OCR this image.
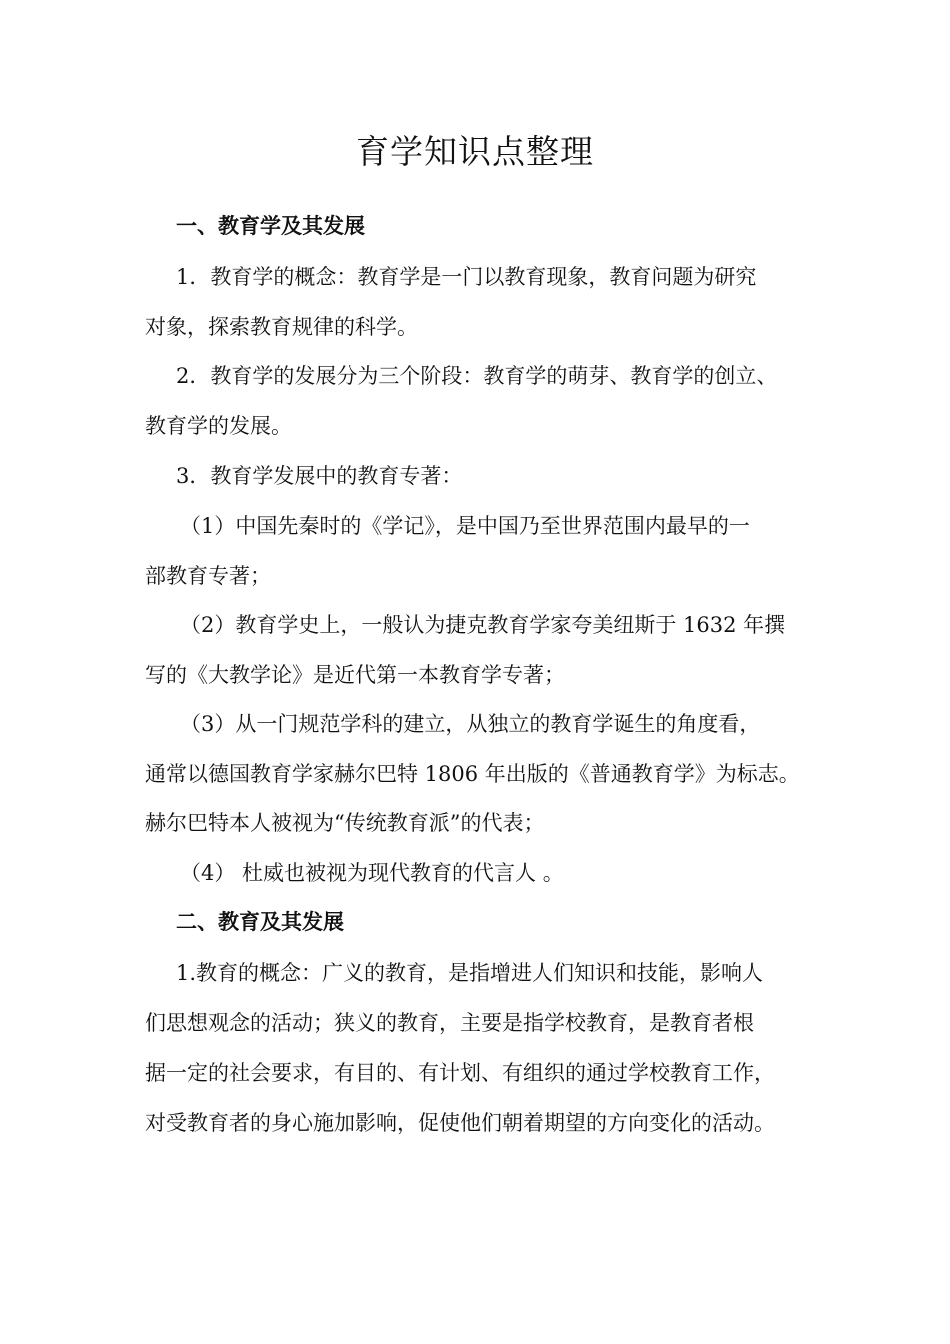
育学知识点整理
一、教育学及其发展
1．教育学的概念：教育学是一门以教育现象，教育问题为研究
对象，探索教育规律的科学。
2．教育学的发展分为三个阶段：教育学的萌芽、教育学的创立、
教育学的发展。
3．教育学发展中的教育专著：
（1）中国先秦时的《学记》，是中国乃至世界范围内最早的一
部教育专著；
（2）教育学史上，一般认为捷克教育学家夸美纽斯于 1632 年撰
写的《大教学论》是近代第一本教育学专著；
（3）从一门规范学科的建立，从独立的教育学诞生的角度看，
通常以德国教育学家赫尔巴特 1806 年出版的《普通教育学》为标志。
赫尔巴特本人被视为“传统教育派”的代表；
（4） 杜威也被视为现代教育的代言人 。
二、教育及其发展
1.教育的概念：广义的教育，是指增进人们知识和技能，影响人
们思想观念的活动；狭义的教育，主要是指学校教育，是教育者根
据一定的社会要求，有目的、有计划、有组织的通过学校教育工作，
对受教育者的身心施加影响，促使他们朝着期望的方向变化的活动。
